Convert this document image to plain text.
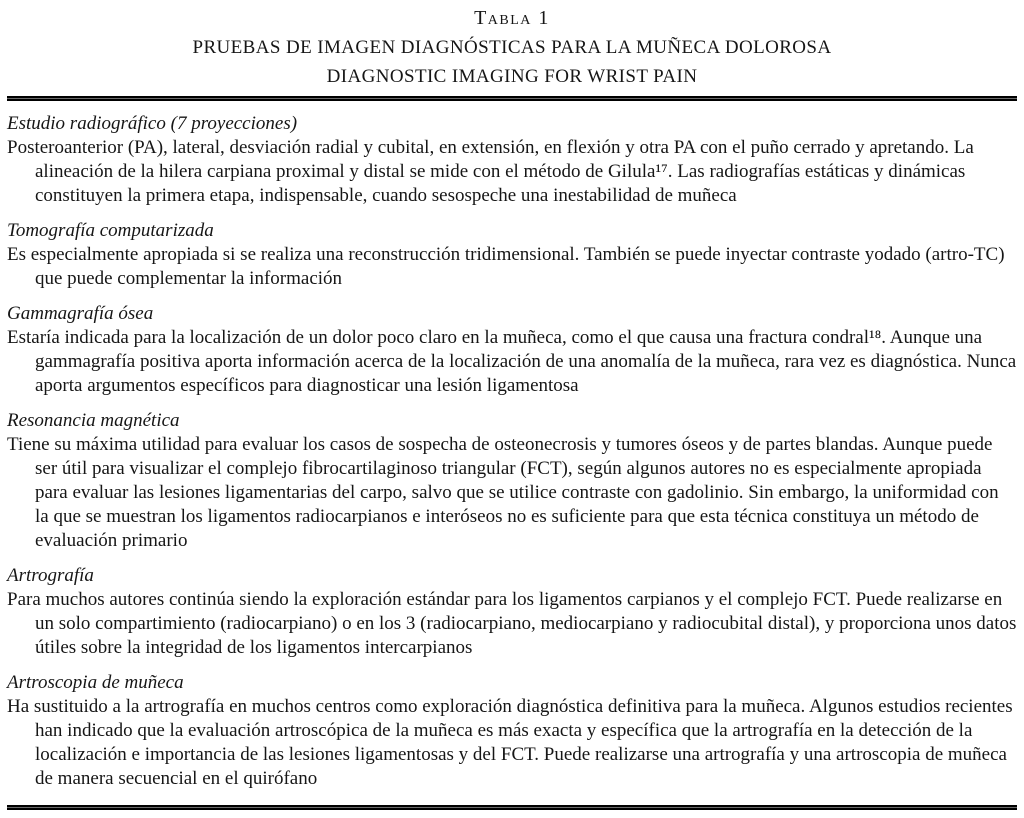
Tabla 1
PRUEBAS DE IMAGEN DIAGNÓSTICAS PARA LA MUÑECA DOLOROSA
DIAGNOSTIC IMAGING FOR WRIST PAIN
Estudio radiográfico (7 proyecciones)

Posteroanterior (PA), lateral, desviación radial y cubital, en extensión, en flexión y otra PA con el puño cerrado y apretando. La alineación de la hilera carpiana proximal y distal se mide con el método de Gilula¹⁷. Las radiografías estáticas y dinámicas constituyen la primera etapa, indispensable, cuando sesospeche una inestabilidad de muñeca

Tomografía computarizada

Es especialmente apropiada si se realiza una reconstrucción tridimensional. También se puede inyectar contraste yodado (artro-TC) que puede complementar la información

Gammagrafía ósea

Estaría indicada para la localización de un dolor poco claro en la muñeca, como el que causa una fractura condral¹⁸. Aunque una gammagrafía positiva aporta información acerca de la localización de una anomalía de la muñeca, rara vez es diagnóstica. Nunca aporta argumentos específicos para diagnosticar una lesión ligamentosa

Resonancia magnética

Tiene su máxima utilidad para evaluar los casos de sospecha de osteonecrosis y tumores óseos y de partes blandas. Aunque puede ser útil para visualizar el complejo fibrocartilaginoso triangular (FCT), según algunos autores no es especialmente apropiada para evaluar las lesiones ligamentarias del carpo, salvo que se utilice contraste con gadolinio. Sin embargo, la uniformidad con la que se muestran los ligamentos radiocarpianos e interóseos no es suficiente para que esta técnica constituya un método de evaluación primario

Artrografía

Para muchos autores continúa siendo la exploración estándar para los ligamentos carpianos y el complejo FCT. Puede realizarse en un solo compartimiento (radiocarpiano) o en los 3 (radiocarpiano, mediocarpiano y radiocubital distal), y proporciona unos datos útiles sobre la integridad de los ligamentos intercarpianos

Artroscopia de muñeca

Ha sustituido a la artrografía en muchos centros como exploración diagnóstica definitiva para la muñeca. Algunos estudios recientes han indicado que la evaluación artroscópica de la muñeca es más exacta y específica que la artrografía en la detección de la localización e importancia de las lesiones ligamentosas y del FCT. Puede realizarse una artrografía y una artroscopia de muñeca de manera secuencial en el quirófano
